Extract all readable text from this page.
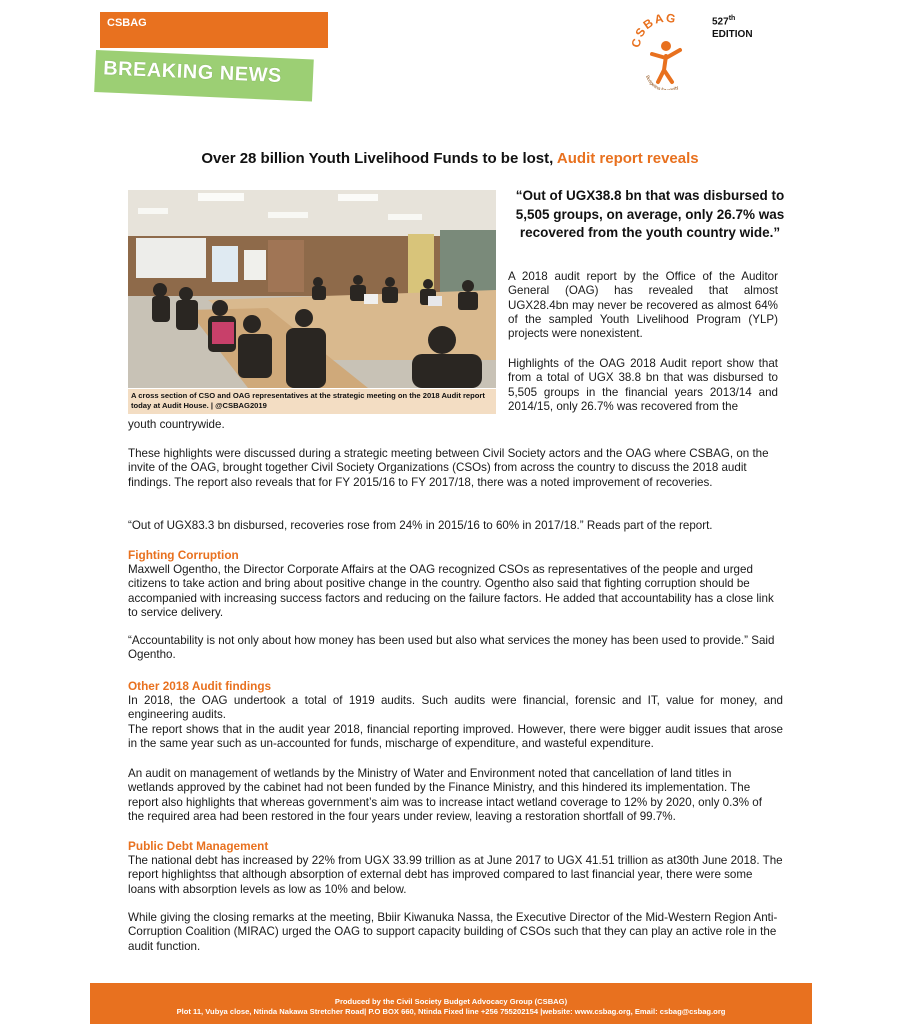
CSBAG
BREAKING NEWS
CSBAG
Budgeting for equity
527th
EDITION
Over 28 billion Youth Livelihood Funds to be lost, Audit report reveals
A cross section of CSO and OAG representatives at the strategic meeting on the 2018 Audit report today at Audit House. | @CSBAG2019
“Out of UGX38.8 bn that was disbursed to 5,505 groups, on average, only 26.7% was recovered from the youth country wide.”
A 2018 audit report by the Office of the Auditor General (OAG) has revealed that almost UGX28.4bn may never be recovered as almost 64% of the sampled Youth Livelihood Program (YLP) projects were nonexistent.
Highlights of the OAG 2018 Audit report show that from a total of UGX 38.8 bn that was disbursed to 5,505 groups in the financial years 2013/14 and 2014/15, only 26.7% was recovered from the
youth countrywide.
These highlights were discussed during a strategic meeting between Civil Society actors and the OAG where CSBAG, on the invite of the OAG, brought together Civil Society Organizations (CSOs) from across the country to discuss the 2018 audit findings. The report also reveals that for FY 2015/16 to FY 2017/18, there was a noted improvement of recoveries.
“Out of UGX83.3 bn disbursed, recoveries rose from 24% in 2015/16 to 60% in 2017/18.” Reads part of the report.
Fighting Corruption
Maxwell Ogentho, the Director Corporate Affairs at the OAG recognized CSOs as representatives of the people and urged citizens to take action and bring about positive change in the country. Ogentho also said that fighting corruption should be accompanied with increasing success factors and reducing on the failure factors. He added that accountability has a close link to service delivery.
“Accountability is not only about how money has been used but also what services the money has been used to provide.” Said Ogentho.
Other 2018 Audit findings
In 2018, the OAG undertook a total of 1919 audits. Such audits were financial, forensic and IT, value for money, and engineering audits.
The report shows that in the audit year 2018, financial reporting improved. However, there were bigger audit issues that arose in the same year such as un-accounted for funds, mischarge of expenditure, and wasteful expenditure.
An audit on management of wetlands by the Ministry of Water and Environment noted that cancellation of land titles in wetlands approved by the cabinet had not been funded by the Finance Ministry, and this hindered its implementation. The report also highlights that whereas government’s aim was to increase intact wetland coverage to 12% by 2020, only 0.3% of the required area had been restored in the four years under review, leaving a restoration shortfall of 99.7%.
Public Debt Management
The national debt has increased by 22% from UGX 33.99 trillion as at June 2017 to UGX 41.51 trillion as at30th June 2018. The report highlightss that although absorption of external debt has improved compared to last financial year, there were some loans with absorption levels as low as 10% and below.
While giving the closing remarks at the meeting, Bbiir Kiwanuka Nassa, the Executive Director of the Mid-Western Region Anti-Corruption Coalition (MIRAC) urged the OAG to support capacity building of CSOs such that they can play an active role in the audit function.
Produced by the Civil Society Budget Advocacy Group (CSBAG)
Plot 11, Vubya close, Ntinda Nakawa Stretcher Road| P.O BOX 660, Ntinda Fixed line +256 755202154 |website: www.csbag.org, Email: csbag@csbag.org
